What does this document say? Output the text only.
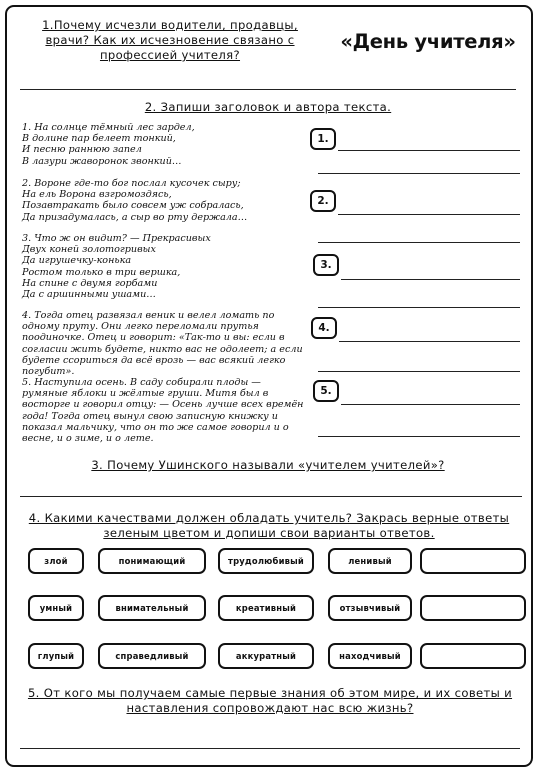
1.Почему исчезли водители, продавцы, врачи? Как их исчезновение связано с профессией учителя?
«День учителя»
2. Запиши заголовок и автора текста.
1. На солнце тёмный лес зардел,
В долине пар белеет тонкий,
И песню раннюю запел
В лазури жаворонок звонкий…
1.
2. Вороне где-то бог послал кусочек сыру;
На ель Ворона взгромоздясь,
Позавтракать было совсем уж собралась,
Да призадумалась, а сыр во рту держала…
2.
3. Что ж он видит? — Прекрасивых
Двух коней золотогривых
Да игрушечку-конька
Ростом только в три вершка,
На спине с двумя горбами
Да с аршинными ушами…
3.
4. Тогда отец развязал веник и велел ломать по одному пруту. Они легко переломали прутья поодиночке. Отец и говорит: «Так-то и вы: если в согласии жить будете, никто вас не одолеет; а если будете ссориться да всё врозь — вас всякий легко погубит».
4.
5. Наступила осень. В саду собирали плоды — румяные яблоки и жёлтые груши. Митя был в восторге и говорил отцу: — Осень лучше всех времён года! Тогда отец вынул свою записную книжку и показал мальчику, что он то же самое говорил и о весне, и о зиме, и о лете.
5.
3. Почему Ушинского называли «учителем учителей»?
4. Какими качествами должен обладать учитель? Закрась верные ответы зеленым цветом и допиши свои варианты ответов.
злой	понимающий	трудолюбивый	ленивый
умный	внимательный	креативный	отзывчивый
глупый	справедливый	аккуратный	находчивый
5. От кого мы получаем самые первые знания об этом мире, и их советы и наставления сопровождают нас всю жизнь?
